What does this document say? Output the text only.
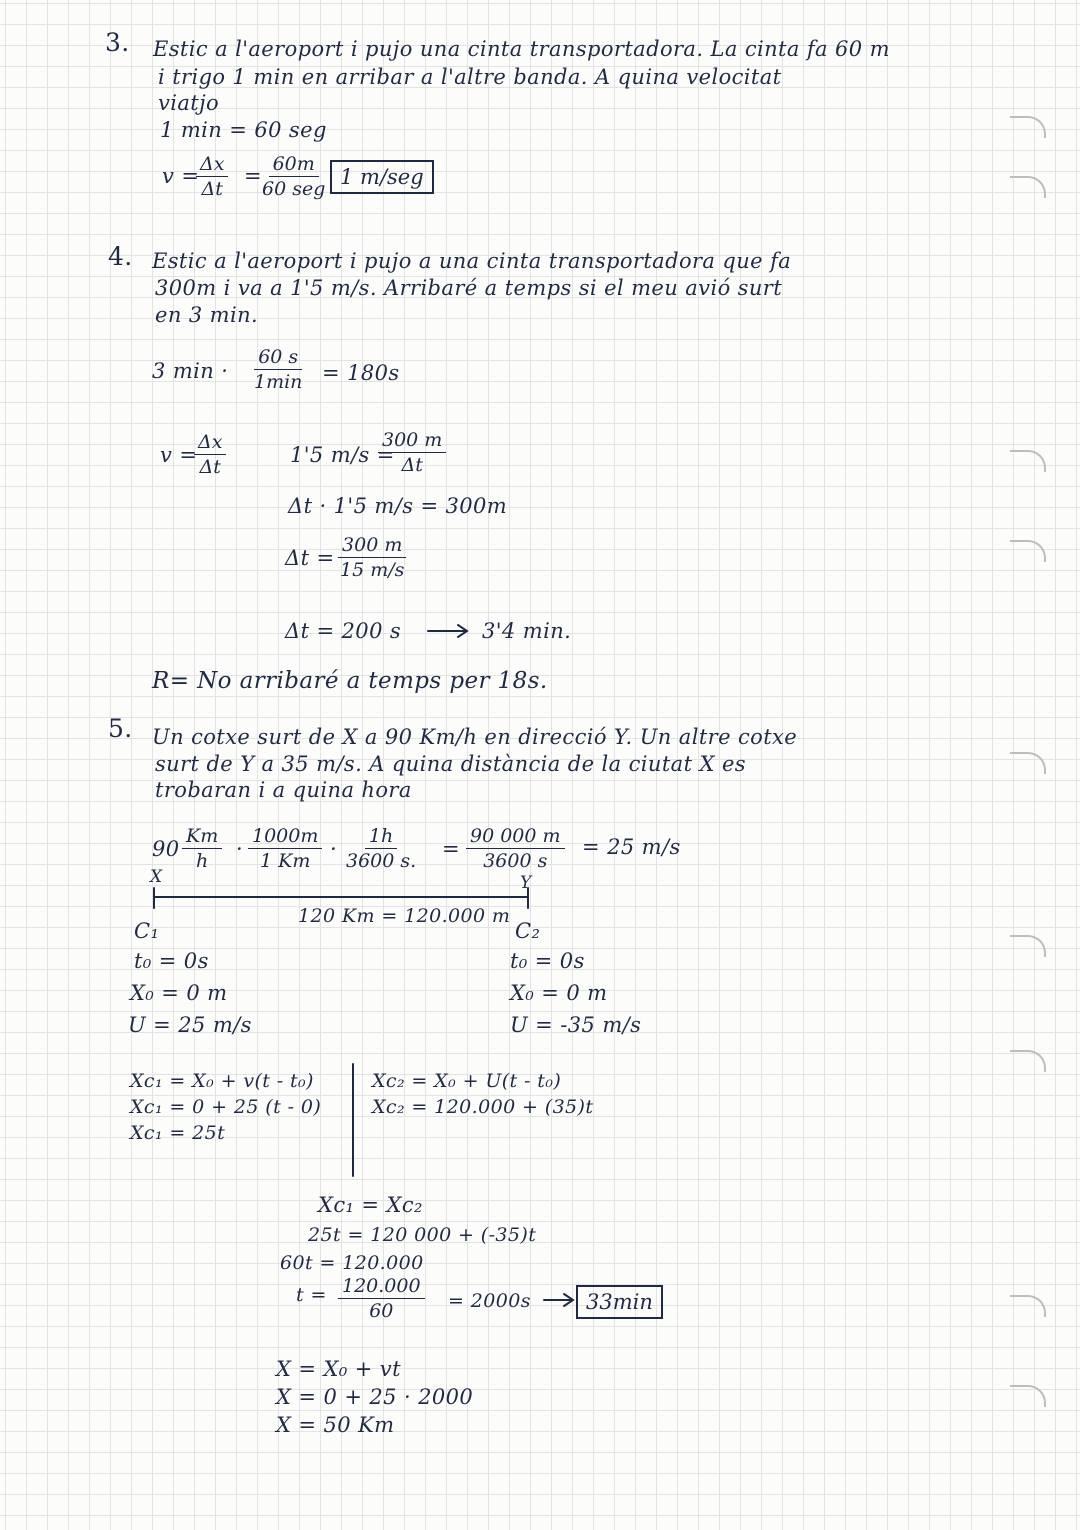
3. Estic a l'aeroport i pujo una cinta transportadora. La cinta fa 60 m
i trigo 1 min en arribar a l'altre banda. A quina velocitat
viatjo
1 min = 60 seg
v =
$\frac{\Delta x}{\Delta t} = 60m$
60 seg 1 m/seg
4. Estic a l'aeroport i pujo a una cinta transportadora que fa
300m i va a 1'5 m/s. Arribaré a temps si el meu avió surt
en 3 min.
3 min ·
60 s
1min = 180s
v =
$\frac{\Delta x}{\Delta t}$	1'5 m/s =
$\frac{300 m}{\Delta t}$
Δt · 1'5 m/s = 300m
$\Delta t = \frac{300 m}{15 m/s}$
Δt = 200 s	3'4 min.
R= No arribaré a temps per 18s.
5. Un cotxe surt de X a 90 Km/h en direcció Y. Un altre cotxe
surt de Y a 35 m/s. A quina distància de la ciutat X es
trobaran i a quina hora
$90 \frac{Km}{h} \cdot \frac{1000m}{1 Km} \cdot \frac{1h}{3600 s.} = \frac{90 000 m}{3600 s} = 25$ m/s
X	Y
120 Km = 120.000 m
C₁
t₀ = 0s
X₀ = 0 m
U = 25 m/s
C₂
t₀ = 0s
X₀ = 0 m
U = -35 m/s
Xc₁ = X₀ + v(t - t₀)
Xc₁ = 0 + 25 (t - 0)
Xc₁ = 25t
Xc₂ = X₀ + U(t - t₀)
Xc₂ = 120.000 + (35)t
Xc₁ = Xc₂
25t = 120 000 + (-35)t
60t = 120.000
$t = \frac{120.000}{60} = 2000s$	33min
X = X₀ + vt
X = 0 + 25 · 2000
X = 50 Km
